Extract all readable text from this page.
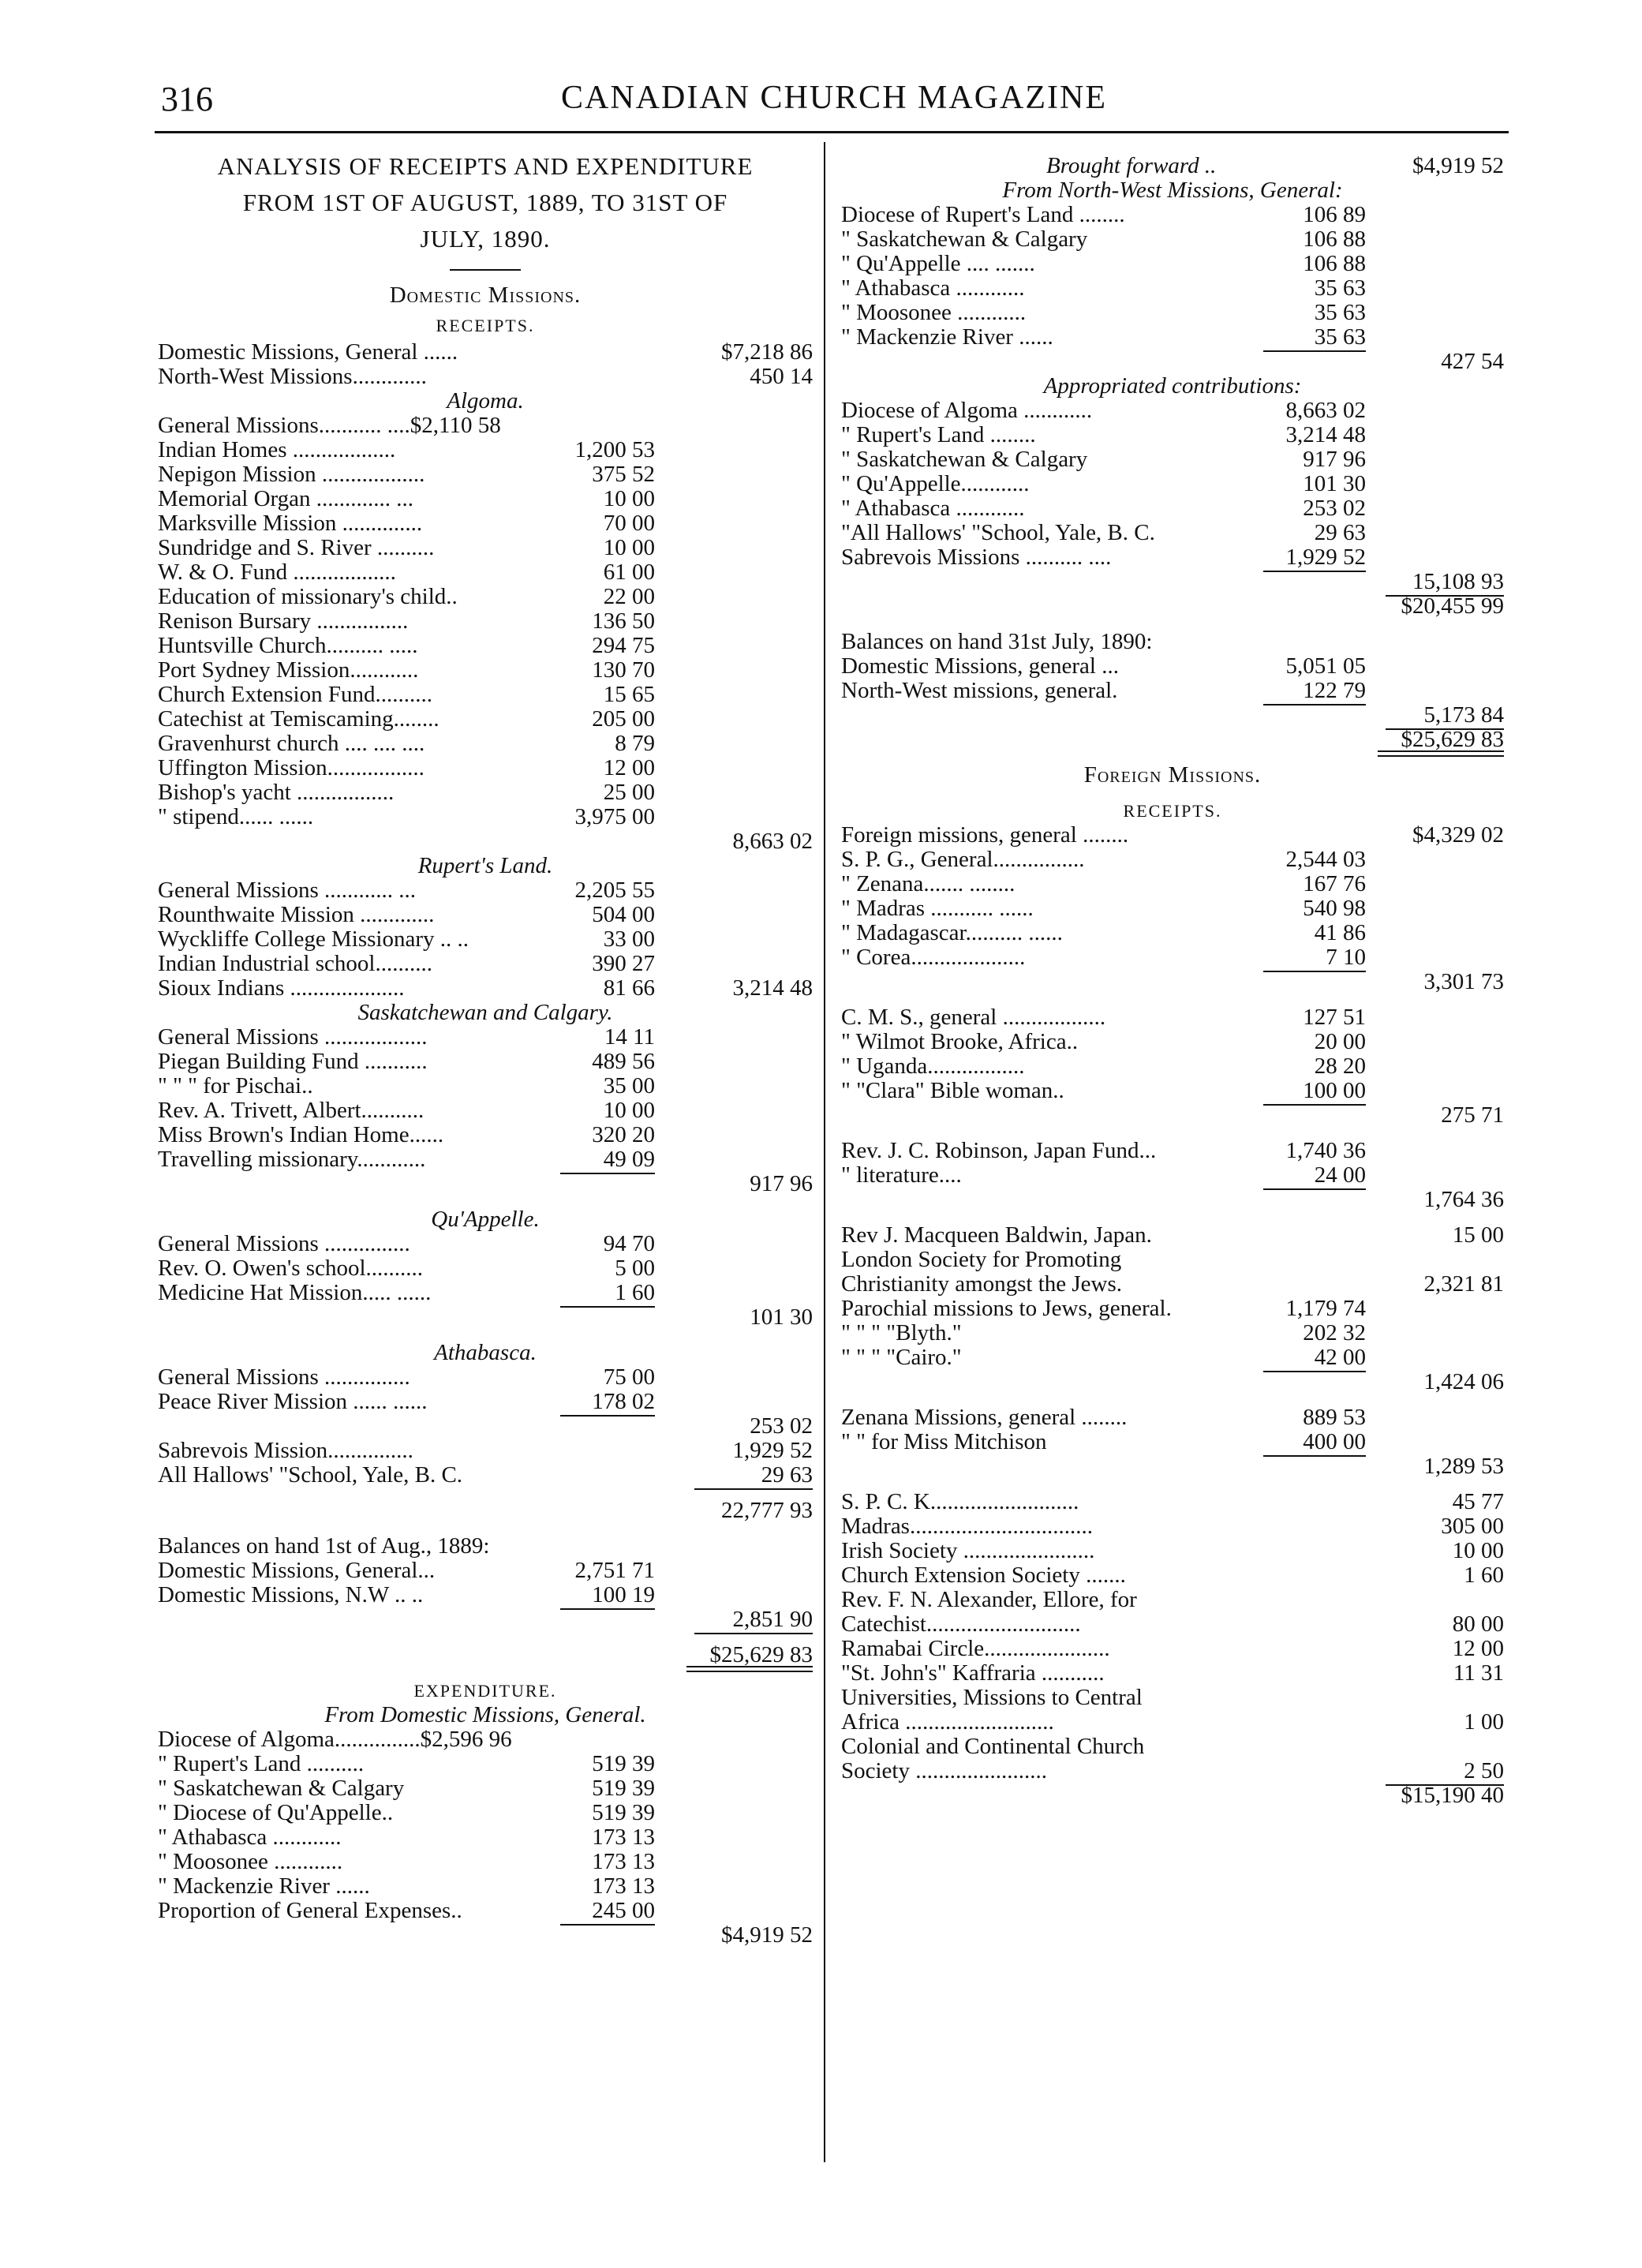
316	CANADIAN CHURCH MAGAZINE
ANALYSIS OF RECEIPTS AND EXPENDITURE
FROM 1ST OF AUGUST, 1889, TO 31ST OF
JULY, 1890.
Domestic Missions.
RECEIPTS.
Domestic Missions, General ......	$7,218 86
North-West Missions.............	450 14
Algoma.
General Missions........... ....$2,110 58
Indian Homes ..................	1,200 53
Nepigon Mission ..................	375 52
Memorial Organ ............. ...	10 00
Marksville Mission ..............	70 00
Sundridge and S. River ..........	10 00
W. & O. Fund ..................	61 00
Education of missionary's child..	22 00
Renison Bursary ................	136 50
Huntsville Church.......... .....	294 75
Port Sydney Mission............	130 70
Church Extension Fund..........	15 65
Catechist at Temiscaming........	205 00
Gravenhurst church .... .... ....	8 79
Uffington Mission.................	12 00
Bishop's yacht .................	25 00
" stipend...... ......	3,975 00
8,663 02
Rupert's Land.
General Missions ............ ...	2,205 55
Rounthwaite Mission .............	504 00
Wyckliffe College Missionary .. ..	33 00
Indian Industrial school..........	390 27
Sioux Indians ....................	81 66	3,214 48
Saskatchewan and Calgary.
General Missions ..................	14 11
Piegan Building Fund ...........	489 56
" " " for Pischai..	35 00
Rev. A. Trivett, Albert...........	10 00
Miss Brown's Indian Home......	320 20
Travelling missionary............	49 09
917 96
Qu'Appelle.
General Missions ...............	94 70
Rev. O. Owen's school..........	5 00
Medicine Hat Mission..... ......	1 60
101 30
Athabasca.
General Missions ...............	75 00
Peace River Mission ...... ......	178 02
253 02
Sabrevois Mission...............	1,929 52
All Hallows' "School, Yale, B. C.	29 63
22,777 93
Balances on hand 1st of Aug., 1889:
Domestic Missions, General...	2,751 71
Domestic Missions, N.W .. ..	100 19
2,851 90
$25,629 83
EXPENDITURE.
From Domestic Missions, General.
Diocese of Algoma...............$2,596 96
" Rupert's Land ..........	519 39
" Saskatchewan & Calgary	519 39
" Diocese of Qu'Appelle..	519 39
" Athabasca ............	173 13
" Moosonee ............	173 13
" Mackenzie River ......	173 13
Proportion of General Expenses..	245 00
$4,919 52
Brought forward ..	$4,919 52
From North-West Missions, General:
Diocese of Rupert's Land ........	106 89
" Saskatchewan & Calgary	106 88
" Qu'Appelle .... .......	106 88
" Athabasca ............	35 63
" Moosonee ............	35 63
" Mackenzie River ......	35 63
427 54
Appropriated contributions:
Diocese of Algoma ............	8,663 02
" Rupert's Land ........	3,214 48
" Saskatchewan & Calgary	917 96
" Qu'Appelle............	101 30
" Athabasca ............	253 02
"All Hallows' "School, Yale, B. C.	29 63
Sabrevois Missions .......... ....	1,929 52
15,108 93
$20,455 99
Balances on hand 31st July, 1890:
Domestic Missions, general ...	5,051 05
North-West missions, general.	122 79
5,173 84
$25,629 83
Foreign Missions.
RECEIPTS.
Foreign missions, general ........	$4,329 02
S. P. G., General................	2,544 03
" Zenana....... ........	167 76
" Madras ........... ......	540 98
" Madagascar.......... ......	41 86
" Corea....................	7 10
3,301 73
C. M. S., general ..................	127 51
" Wilmot Brooke, Africa..	20 00
" Uganda.................	28 20
" "Clara" Bible woman..	100 00
275 71
Rev. J. C. Robinson, Japan Fund...	1,740 36
" literature....	24 00
1,764 36
Rev J. Macqueen Baldwin, Japan.	15 00
London Society for Promoting
Christianity amongst the Jews.	2,321 81
Parochial missions to Jews, general.	1,179 74
" " " "Blyth."	202 32
" " " "Cairo."	42 00
1,424 06
Zenana Missions, general ........	889 53
" " for Miss Mitchison	400 00
1,289 53
S. P. C. K..........................	45 77
Madras................................	305 00
Irish Society .......................	10 00
Church Extension Society .......	1 60
Rev. F. N. Alexander, Ellore, for
Catechist...........................	80 00
Ramabai Circle......................	12 00
"St. John's" Kaffraria ...........	11 31
Universities, Missions to Central
Africa ..........................	1 00
Colonial and Continental Church
Society .......................	2 50
$15,190 40
